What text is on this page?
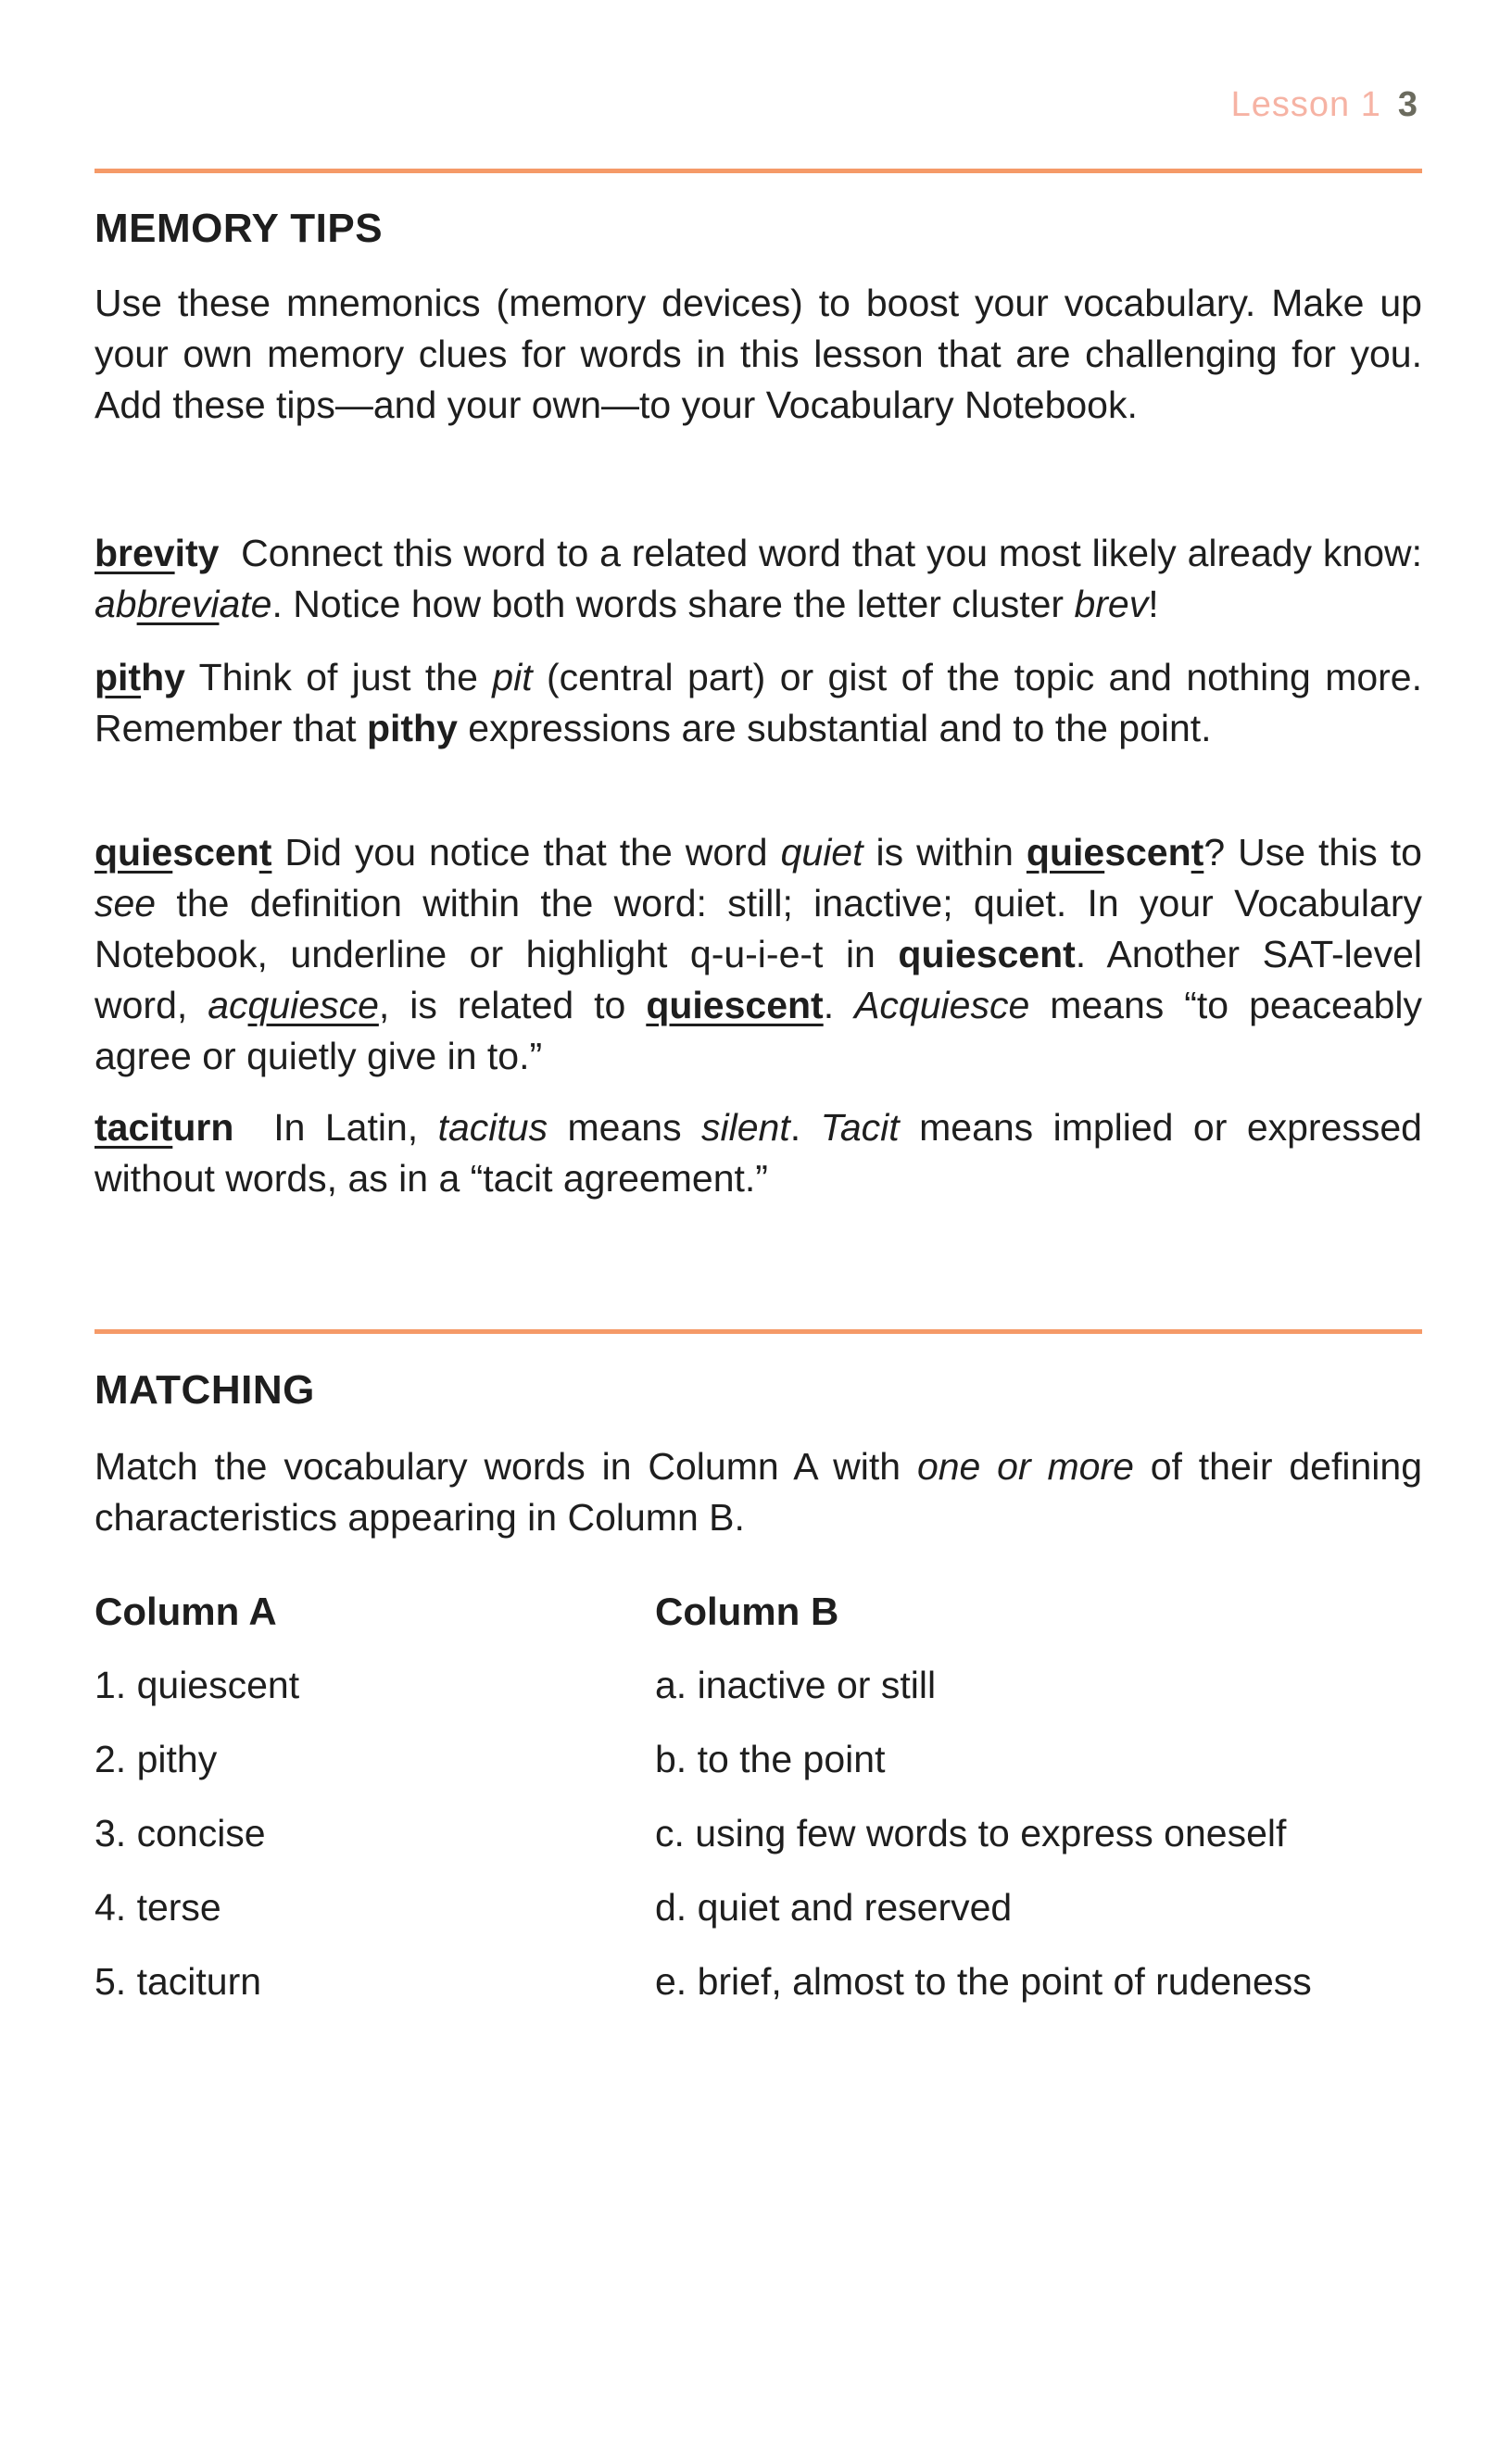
Lesson 1 3
MEMORY TIPS
Use these mnemonics (memory devices) to boost your vocabulary. Make up your own memory clues for words in this lesson that are challenging for you. Add these tips—and your own—to your Vocabulary Notebook.
brevity  Connect this word to a related word that you most likely already know: abbreviate. Notice how both words share the letter cluster brev!
pithy Think of just the pit (central part) or gist of the topic and nothing more. Remember that pithy expressions are substantial and to the point.
quiescent Did you notice that the word quiet is within quiescent? Use this to see the definition within the word: still; inactive; quiet. In your Vocabulary Notebook, underline or highlight q-u-i-e-t in quiescent. Another SAT-level word, acquiesce, is related to quiescent. Acquiesce means “to peaceably agree or quietly give in to.”
taciturn  In Latin, tacitus means silent. Tacit means implied or expressed without words, as in a “tacit agreement.”
MATCHING
Match the vocabulary words in Column A with one or more of their defining characteristics appearing in Column B.
Column A
1. quiescent
2. pithy
3. concise
4. terse
5. taciturn
Column B
a. inactive or still
b. to the point
c. using few words to express oneself
d. quiet and reserved
e. brief, almost to the point of rudeness
